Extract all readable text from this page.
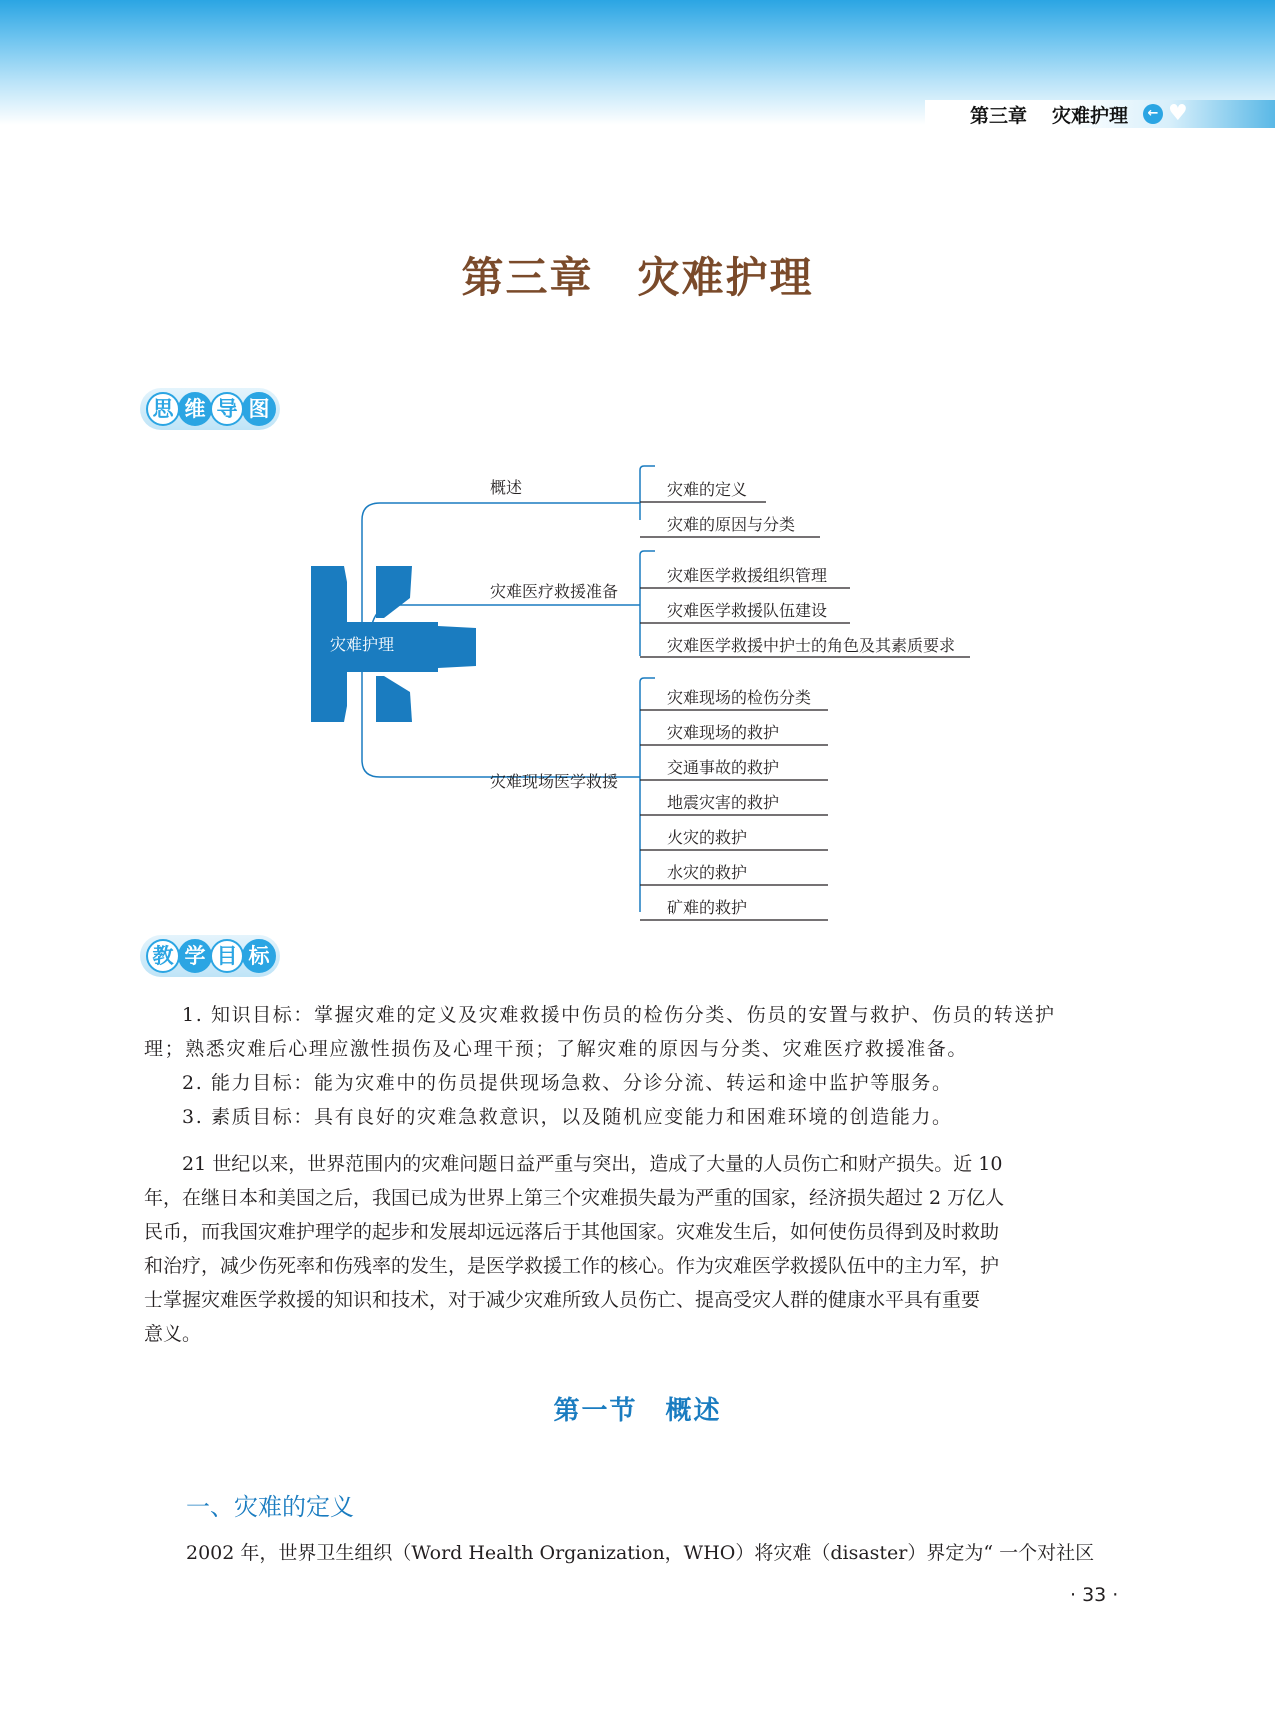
第三章 灾难护理	← ♥
第三章　灾难护理
思 维 导 图
灾难护理
概述
灾难医疗救援准备
灾难现场医学救援
灾难的定义
灾难的原因与分类
灾难医学救援组织管理
灾难医学救援队伍建设
灾难医学救援中护士的角色及其素质要求
灾难现场的检伤分类
灾难现场的救护
交通事故的救护
地震灾害的救护
火灾的救护
水灾的救护
矿难的救护
教 学 目 标
1. 知识目标：掌握灾难的定义及灾难救援中伤员的检伤分类、伤员的安置与救护、伤员的转送护
理；熟悉灾难后心理应激性损伤及心理干预；了解灾难的原因与分类、灾难医疗救援准备。
2. 能力目标：能为灾难中的伤员提供现场急救、分诊分流、转运和途中监护等服务。
3. 素质目标：具有良好的灾难急救意识，以及随机应变能力和困难环境的创造能力。
21 世纪以来，世界范围内的灾难问题日益严重与突出，造成了大量的人员伤亡和财产损失。近 10
年，在继日本和美国之后，我国已成为世界上第三个灾难损失最为严重的国家，经济损失超过 2 万亿人
民币，而我国灾难护理学的起步和发展却远远落后于其他国家。灾难发生后，如何使伤员得到及时救助
和治疗，减少伤死率和伤残率的发生，是医学救援工作的核心。作为灾难医学救援队伍中的主力军，护
士掌握灾难医学救援的知识和技术，对于减少灾难所致人员伤亡、提高受灾人群的健康水平具有重要
意义。
第一节　概述
一、灾难的定义
2002 年，世界卫生组织（Word Health Organization，WHO）将灾难（disaster）界定为“ 一个对社区
· 33 ·
